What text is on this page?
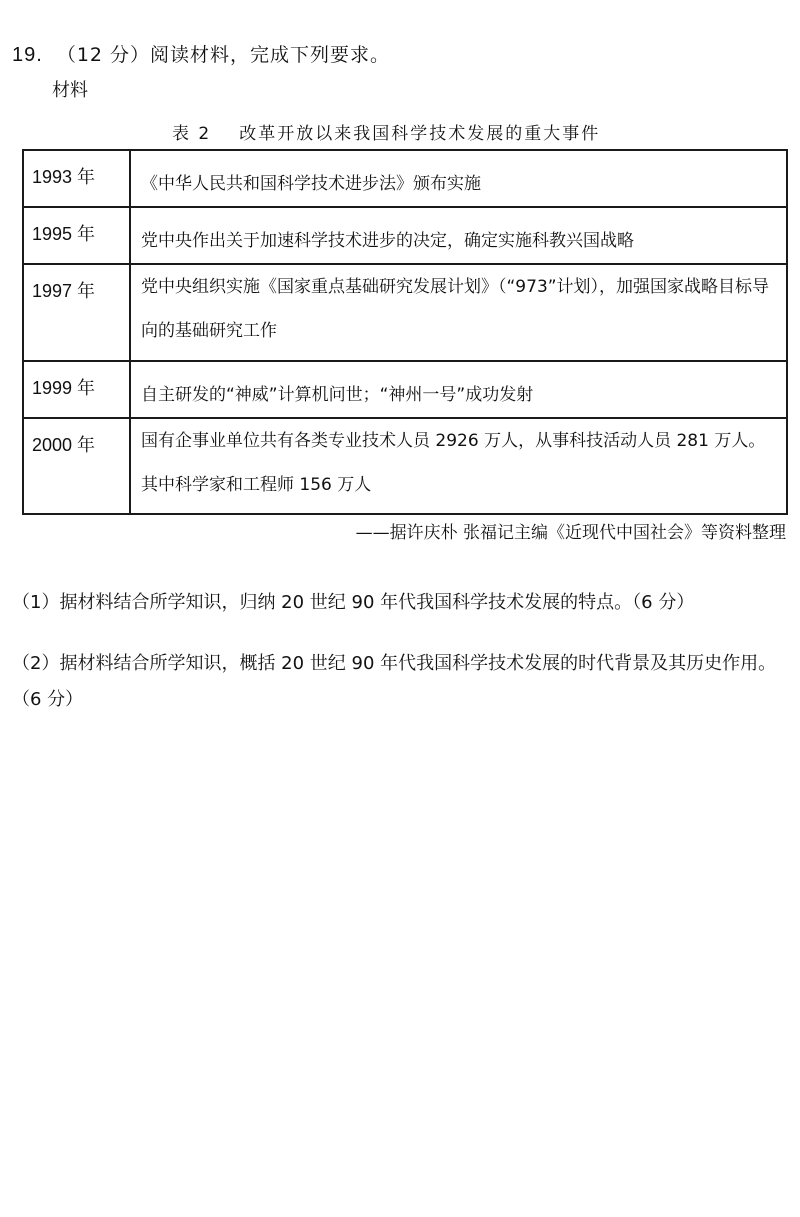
19. （12 分）阅读材料，完成下列要求。
材料
表 2 改革开放以来我国科学技术发展的重大事件
1993 年	《中华人民共和国科学技术进步法》颁布实施
1995 年	党中央作出关于加速科学技术进步的决定，确定实施科教兴国战略
1997 年	党中央组织实施《国家重点基础研究发展计划》（“973”计划），加强国家战略目标导向的基础研究工作
1999 年	自主研发的“神威”计算机问世；“神州一号”成功发射
2000 年	国有企事业单位共有各类专业技术人员 2926 万人，从事科技活动人员 281 万人。其中科学家和工程师 156 万人
——据许庆朴 张福记主编《近现代中国社会》等资料整理
（1）据材料结合所学知识，归纳 20 世纪 90 年代我国科学技术发展的特点。（6 分）
（2）据材料结合所学知识，概括 20 世纪 90 年代我国科学技术发展的时代背景及其历史作用。（6 分）
